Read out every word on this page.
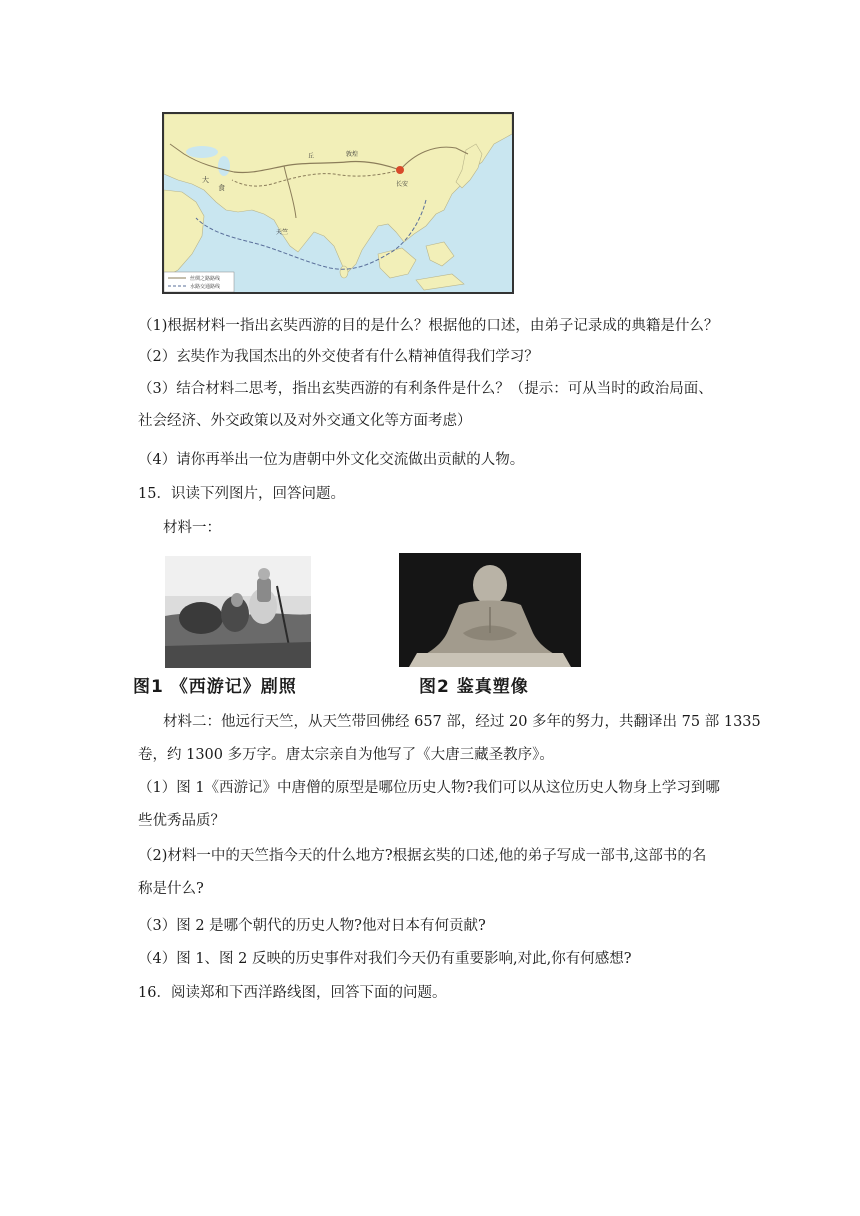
长安
天竺
敦煌
大
食
丘
丝绸之路路线
水路交通路线
（1)根据材料一指出玄奘西游的目的是什么？根据他的口述，由弟子记录成的典籍是什么？
（2）玄奘作为我国杰出的外交使者有什么精神值得我们学习？
（3）结合材料二思考，指出玄奘西游的有利条件是什么？（提示：可从当时的政治局面、
社会经济、外交政策以及对外交通文化等方面考虑）
（4）请你再举出一位为唐朝中外文化交流做出贡献的人物。
15．识读下列图片，回答问题。
材料一：
图1 《西游记》剧照	图2 鉴真塑像
材料二：他远行天竺，从天竺带回佛经 657 部，经过 20 多年的努力，共翻译出 75 部 1335
卷，约 1300 多万字。唐太宗亲自为他写了《大唐三藏圣教序》。
（1）图 1《西游记》中唐僧的原型是哪位历史人物?我们可以从这位历史人物身上学习到哪
些优秀品质？
（2)材料一中的天竺指今天的什么地方?根据玄奘的口述,他的弟子写成一部书,这部书的名
称是什么?
（3）图 2 是哪个朝代的历史人物?他对日本有何贡献?
（4）图 1、图 2 反映的历史事件对我们今天仍有重要影响,对此,你有何感想?
16．阅读郑和下西洋路线图，回答下面的问题。
